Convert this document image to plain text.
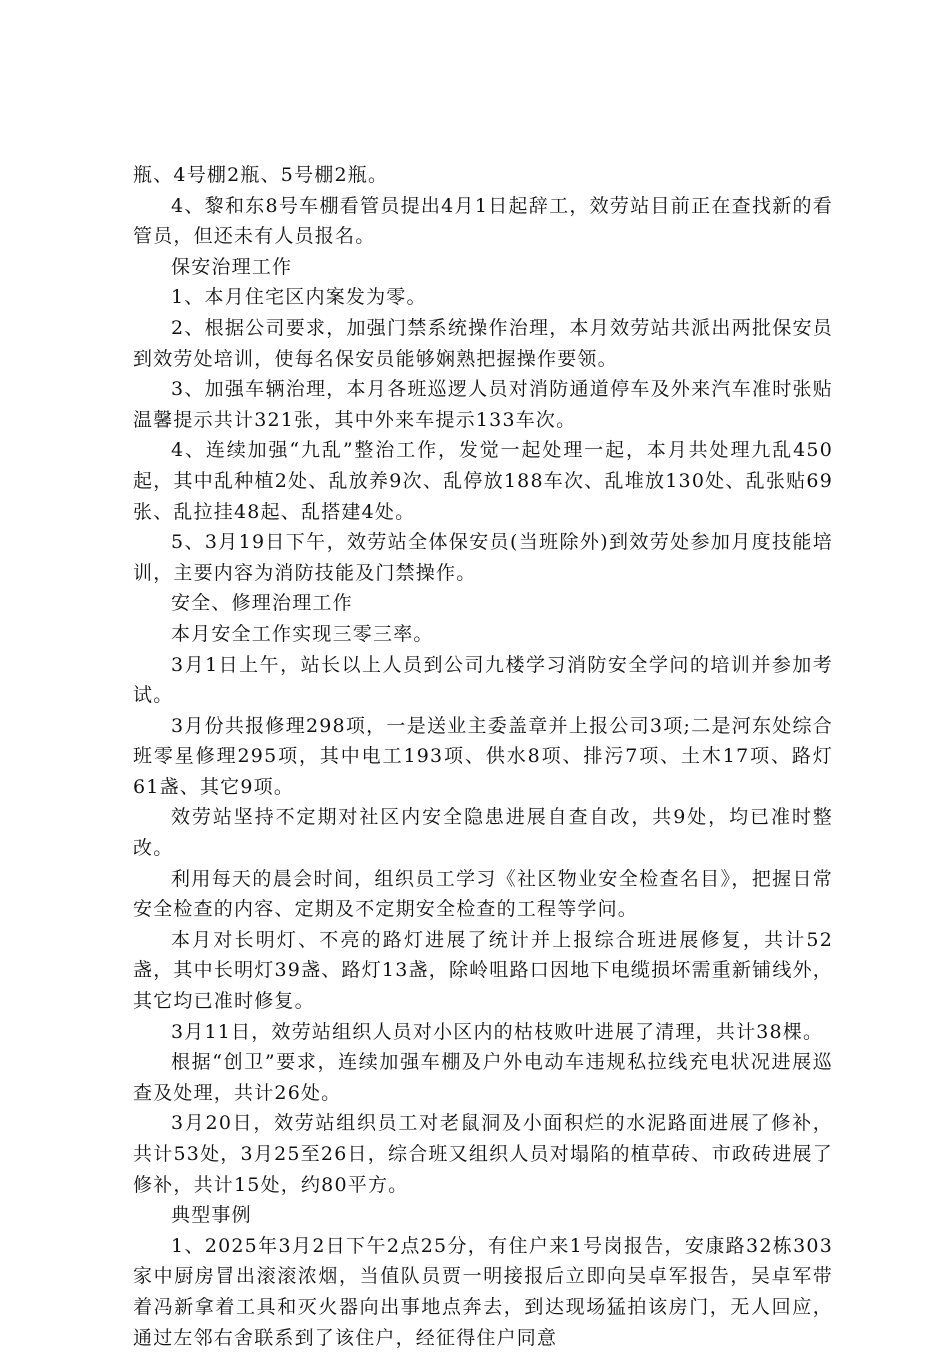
瓶、4号棚2瓶、5号棚2瓶。

4、黎和东8号车棚看管员提出4月1日起辞工，效劳站目前正在查找新的看管员，但还未有人员报名。

保安治理工作

1、本月住宅区内案发为零。

2、根据公司要求，加强门禁系统操作治理，本月效劳站共派出两批保安员到效劳处培训，使每名保安员能够娴熟把握操作要领。

3、加强车辆治理，本月各班巡逻人员对消防通道停车及外来汽车准时张贴温馨提示共计321张，其中外来车提示133车次。

4、连续加强“九乱”整治工作，发觉一起处理一起，本月共处理九乱450起，其中乱种植2处、乱放养9次、乱停放188车次、乱堆放130处、乱张贴69张、乱拉挂48起、乱搭建4处。

5、3月19日下午，效劳站全体保安员(当班除外)到效劳处参加月度技能培训，主要内容为消防技能及门禁操作。

安全、修理治理工作

本月安全工作实现三零三率。

3月1日上午，站长以上人员到公司九楼学习消防安全学问的培训并参加考试。

3月份共报修理298项，一是送业主委盖章并上报公司3项;二是河东处综合班零星修理295项，其中电工193项、供水8项、排污7项、土木17项、路灯61盏、其它9项。

效劳站坚持不定期对社区内安全隐患进展自查自改，共9处，均已准时整改。

利用每天的晨会时间，组织员工学习《社区物业安全检查名目》，把握日常安全检查的内容、定期及不定期安全检查的工程等学问。

本月对长明灯、不亮的路灯进展了统计并上报综合班进展修复，共计52盏，其中长明灯39盏、路灯13盏，除岭咀路口因地下电缆损坏需重新铺线外，其它均已准时修复。

3月11日，效劳站组织人员对小区内的枯枝败叶进展了清理，共计38棵。

根据“创卫”要求，连续加强车棚及户外电动车违规私拉线充电状况进展巡查及处理，共计26处。

3月20日，效劳站组织员工对老鼠洞及小面积烂的水泥路面进展了修补，共计53处，3月25至26日，综合班又组织人员对塌陷的植草砖、市政砖进展了修补，共计15处，约80平方。

典型事例

1、2025年3月2日下午2点25分，有住户来1号岗报告，安康路32栋303家中厨房冒出滚滚浓烟，当值队员贾一明接报后立即向吴卓军报告，吴卓军带着冯新拿着工具和灭火器向出事地点奔去，到达现场猛拍该房门，无人回应，通过左邻右舍联系到了该住户，经征得住户同意
